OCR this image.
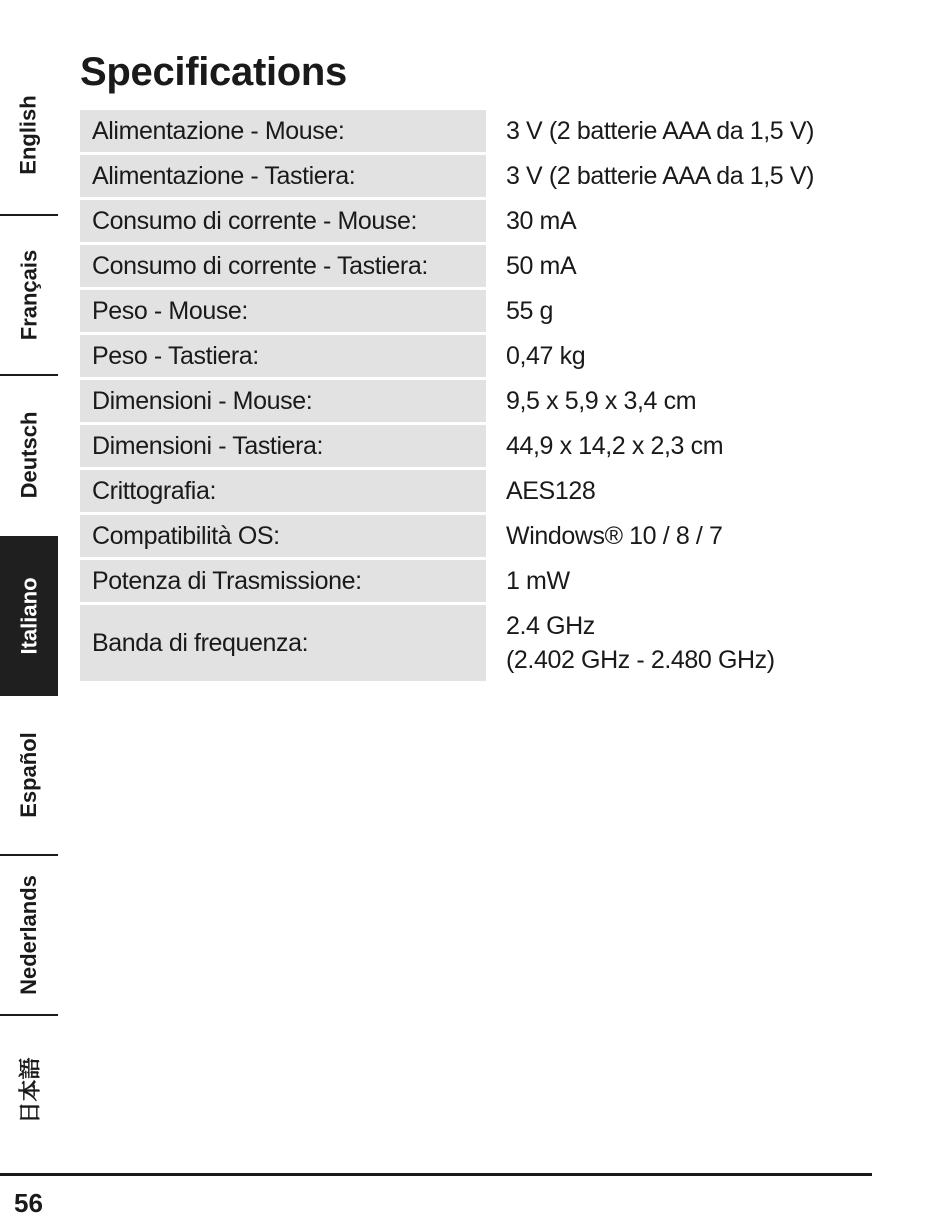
English
Français
Deutsch
Italiano
Español
Nederlands
日本語
Specifications
Alimentazione - Mouse:	3 V (2 batterie AAA da 1,5 V)
Alimentazione - Tastiera:	3 V (2 batterie AAA da 1,5 V)
Consumo di corrente - Mouse:	30 mA
Consumo di corrente - Tastiera:	50 mA
Peso - Mouse:	55 g
Peso - Tastiera:	0,47 kg
Dimensioni - Mouse:	9,5 x 5,9 x 3,4 cm
Dimensioni - Tastiera:	44,9 x 14,2 x 2,3 cm
Crittografia:	AES128
Compatibilità OS:	Windows® 10 / 8 / 7
Potenza di Trasmissione:	1 mW
Banda di frequenza:	2.4 GHz
(2.402 GHz - 2.480 GHz)
56
